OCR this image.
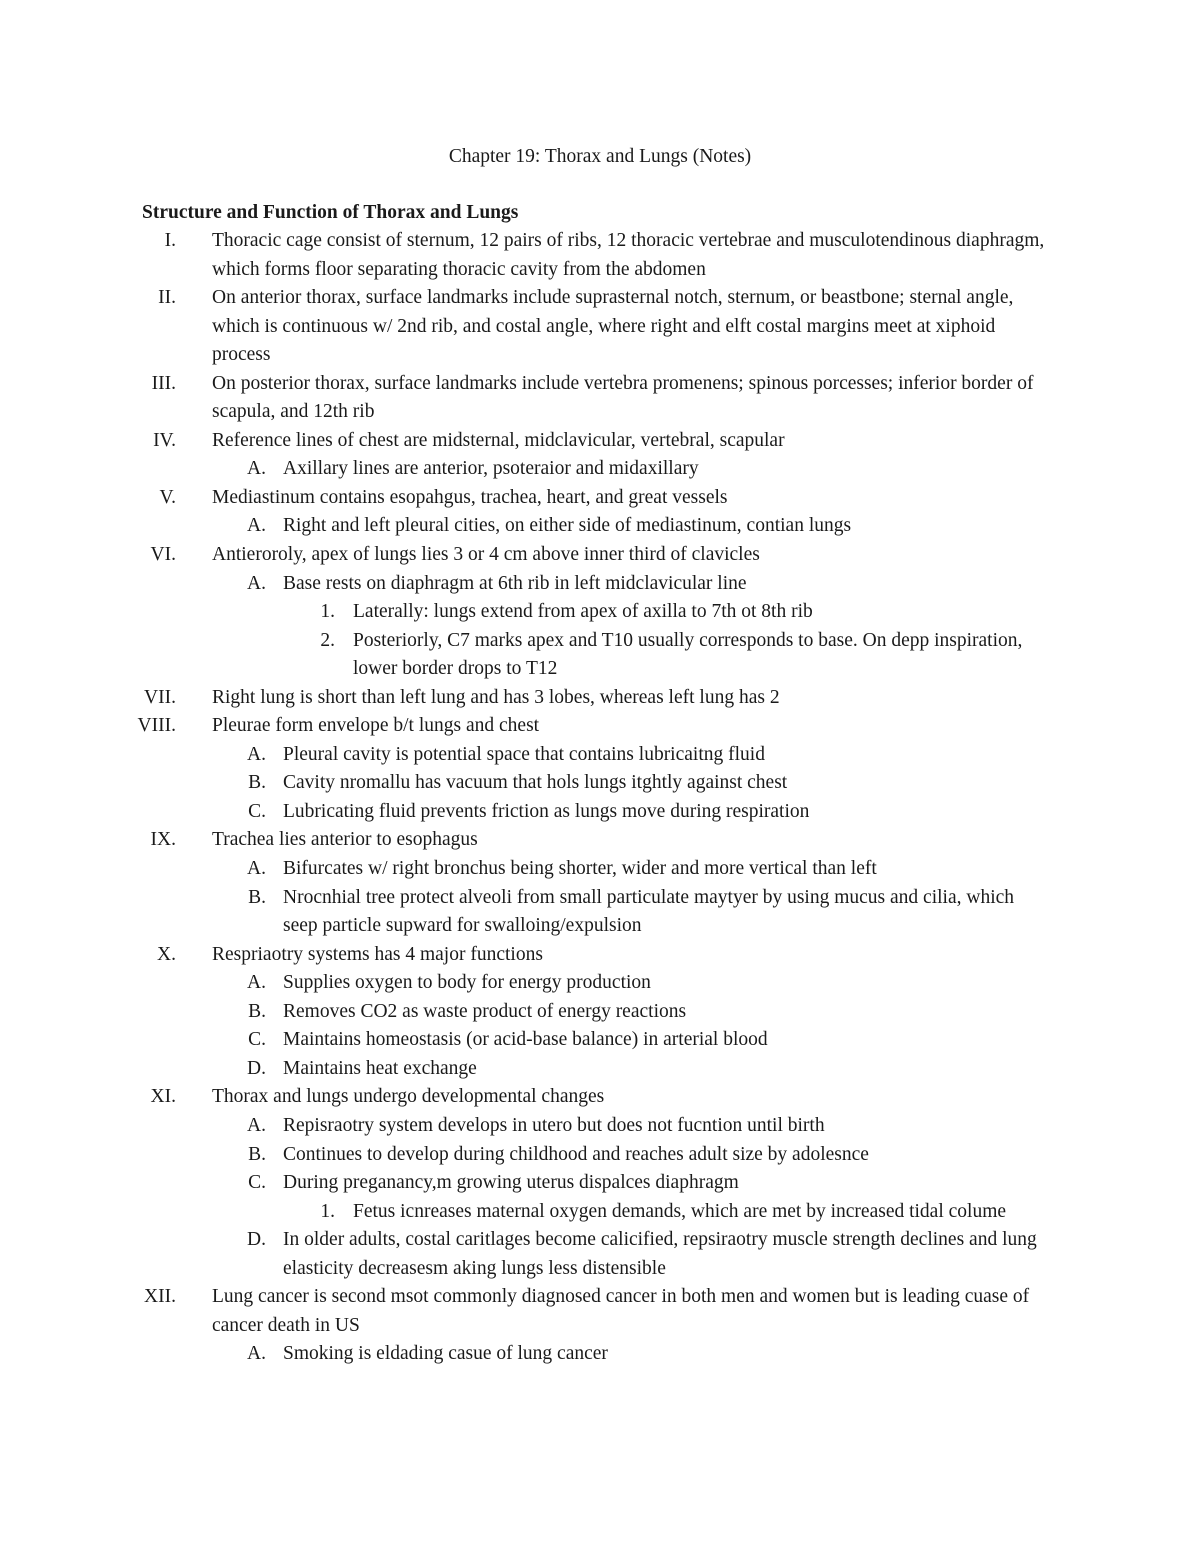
Chapter 19: Thorax and Lungs (Notes)
Structure and Function of Thorax and Lungs
I. Thoracic cage consist of sternum, 12 pairs of ribs, 12 thoracic vertebrae and musculotendinous diaphragm, which forms floor separating thoracic cavity from the abdomen
II. On anterior thorax, surface landmarks include suprasternal notch, sternum, or beastbone; sternal angle, which is continuous w/ 2nd rib, and costal angle, where right and elft costal margins meet at xiphoid process
III. On posterior thorax, surface landmarks include vertebra promenens; spinous porcesses; inferior border of scapula, and 12th rib
IV. Reference lines of chest are midsternal, midclavicular, vertebral, scapular
A. Axillary lines are anterior, psoteraior and midaxillary
V. Mediastinum contains esopahgus, trachea, heart, and great vessels
A. Right and left pleural cities, on either side of mediastinum, contian lungs
VI. Antieroroly, apex of lungs lies 3 or 4 cm above inner third of clavicles
A. Base rests on diaphragm at 6th rib in left midclavicular line
1. Laterally: lungs extend from apex of axilla to 7th ot 8th rib
2. Posteriorly, C7 marks apex and T10 usually corresponds to base. On depp inspiration, lower border drops to T12
VII. Right lung is short than left lung and has 3 lobes, whereas left lung has 2
VIII. Pleurae form envelope b/t lungs and chest
A. Pleural cavity is potential space that contains lubricaitng fluid
B. Cavity nromallu has vacuum that hols lungs itghtly against chest
C. Lubricating fluid prevents friction as lungs move during respiration
IX. Trachea lies anterior to esophagus
A. Bifurcates w/ right bronchus being shorter, wider and more vertical than left
B. Nrocnhial tree protect alveoli from small particulate maytyer by using mucus and cilia, which seep particle supward for swalloing/expulsion
X. Respriaotry systems has 4 major functions
A. Supplies oxygen to body for energy production
B. Removes CO2 as waste product of energy reactions
C. Maintains homeostasis (or acid-base balance) in arterial blood
D. Maintains heat exchange
XI. Thorax and lungs undergo developmental changes
A. Repisraotry system develops in utero but does not fucntion until birth
B. Continues to develop during childhood and reaches adult size by adolesnce
C. During preganancy,m growing uterus dispalces diaphragm
1. Fetus icnreases maternal oxygen demands, which are met by increased tidal colume
D. In older adults, costal caritlages become calicified, repsiraotry muscle strength declines and lung elasticity decreasesm aking lungs less distensible
XII. Lung cancer is second msot commonly diagnosed cancer in both men and women but is leading cuase of cancer death in US
A. Smoking is eldading casue of lung cancer
